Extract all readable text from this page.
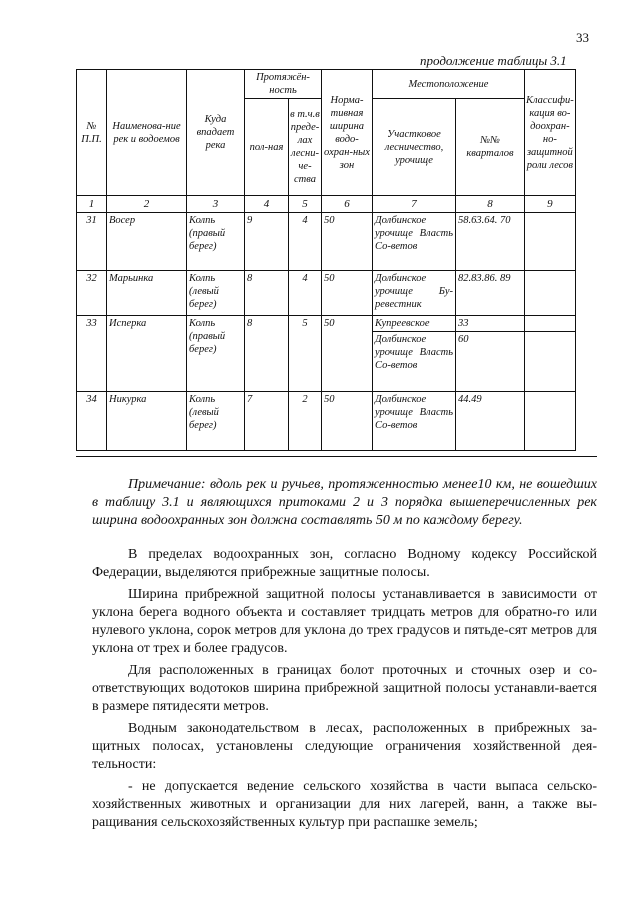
33
продолжение таблицы 3.1
№ П.П.	Наименова-ние рек и водоемов	Куда впадает река	Протяжён-ность		Норма-тивная ширина водо-охран-ных зон	Местоположение		Классифи-кация во-доохран-но-защитной роли лесов
			пол-ная	в т.ч.в преде-лах лесни-че-ства		Участковое лесничество, урочище	№№ кварталов	
1	2	3	4	5	6	7	8	9
31	Восер	Колпь (правый берег)	9	4	50	Долбинское урочище Власть Со-ветов	58.63.64. 70	
32	Марьинка	Колпь (левый берег)	8	4	50	Долбинское урочище Бу-ревестник	82.83.86. 89	
33	Исперка	Колпь (правый берег)	8	5	50	Купреевское	33	
						Долбинское урочище Власть Со-ветов	60	
34	Никурка	Колпь (левый берег)	7	2	50	Долбинское урочище Власть Со-ветов	44.49	

Примечание: вдоль рек и ручьев, протяженностью менее10 км, не вошедших в таблицу 3.1 и являющихся притоками 2 и 3 порядка вышеперечисленных рек ширина водоохранных зон должна составлять 50 м по каждому берегу.

В пределах водоохранных зон, согласно Водному кодексу Российской Федерации, выделяются прибрежные защитные полосы.

Ширина прибрежной защитной полосы устанавливается в зависимости от уклона берега водного объекта и составляет тридцать метров для обратно-го или нулевого уклона, сорок метров для уклона до трех градусов и пятьде-сят метров для уклона от трех и более градусов.

Для расположенных в границах болот проточных и сточных озер и со-ответствующих водотоков ширина прибрежной защитной полосы устанавли-вается в размере пятидесяти метров.

Водным законодательством в лесах, расположенных в прибрежных за-щитных полосах, установлены следующие ограничения хозяйственной дея-тельности:

- не допускается ведение сельского хозяйства в части выпаса сельско-хозяйственных животных и организации для них лагерей, ванн, а также вы-ращивания сельскохозяйственных культур при распашке земель;
